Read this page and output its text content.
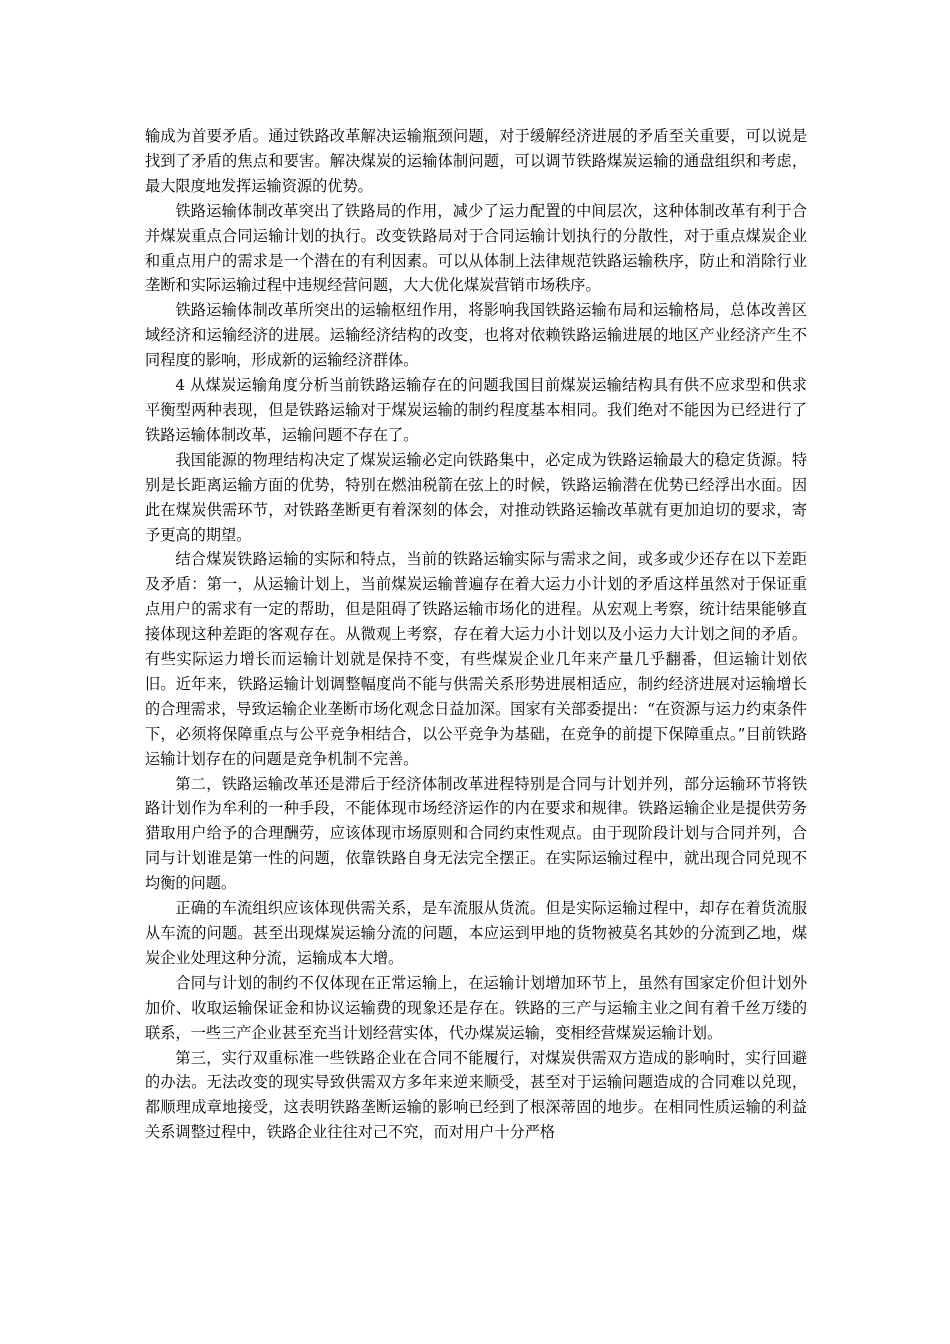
输成为首要矛盾。通过铁路改革解决运输瓶颈问题，对于缓解经济进展的矛盾至关重要，可以说是找到了矛盾的焦点和要害。解决煤炭的运输体制问题，可以调节铁路煤炭运输的通盘组织和考虑，最大限度地发挥运输资源的优势。

铁路运输体制改革突出了铁路局的作用，减少了运力配置的中间层次，这种体制改革有利于合并煤炭重点合同运输计划的执行。改变铁路局对于合同运输计划执行的分散性，对于重点煤炭企业和重点用户的需求是一个潜在的有利因素。可以从体制上法律规范铁路运输秩序，防止和消除行业垄断和实际运输过程中违规经营问题，大大优化煤炭营销市场秩序。

铁路运输体制改革所突出的运输枢纽作用，将影响我国铁路运输布局和运输格局，总体改善区域经济和运输经济的进展。运输经济结构的改变，也将对依赖铁路运输进展的地区产业经济产生不同程度的影响，形成新的运输经济群体。

4 从煤炭运输角度分析当前铁路运输存在的问题我国目前煤炭运输结构具有供不应求型和供求平衡型两种表现，但是铁路运输对于煤炭运输的制约程度基本相同。我们绝对不能因为已经进行了铁路运输体制改革，运输问题不存在了。

我国能源的物理结构决定了煤炭运输必定向铁路集中，必定成为铁路运输最大的稳定货源。特别是长距离运输方面的优势，特别在燃油税箭在弦上的时候，铁路运输潜在优势已经浮出水面。因此在煤炭供需环节，对铁路垄断更有着深刻的体会，对推动铁路运输改革就有更加迫切的要求，寄予更高的期望。

结合煤炭铁路运输的实际和特点，当前的铁路运输实际与需求之间，或多或少还存在以下差距及矛盾：第一，从运输计划上，当前煤炭运输普遍存在着大运力小计划的矛盾这样虽然对于保证重点用户的需求有一定的帮助，但是阻碍了铁路运输市场化的进程。从宏观上考察，统计结果能够直接体现这种差距的客观存在。从微观上考察，存在着大运力小计划以及小运力大计划之间的矛盾。有些实际运力增长而运输计划就是保持不变，有些煤炭企业几年来产量几乎翻番，但运输计划依旧。近年来，铁路运输计划调整幅度尚不能与供需关系形势进展相适应，制约经济进展对运输增长的合理需求，导致运输企业垄断市场化观念日益加深。国家有关部委提出：“在资源与运力约束条件下，必须将保障重点与公平竞争相结合，以公平竞争为基础，在竞争的前提下保障重点。”目前铁路运输计划存在的问题是竞争机制不完善。

第二，铁路运输改革还是滞后于经济体制改革进程特别是合同与计划并列，部分运输环节将铁路计划作为牟利的一种手段，不能体现市场经济运作的内在要求和规律。铁路运输企业是提供劳务猎取用户给予的合理酬劳，应该体现市场原则和合同约束性观点。由于现阶段计划与合同并列，合同与计划谁是第一性的问题，依靠铁路自身无法完全摆正。在实际运输过程中，就出现合同兑现不均衡的问题。

正确的车流组织应该体现供需关系，是车流服从货流。但是实际运输过程中，却存在着货流服从车流的问题。甚至出现煤炭运输分流的问题，本应运到甲地的货物被莫名其妙的分流到乙地，煤炭企业处理这种分流，运输成本大增。

合同与计划的制约不仅体现在正常运输上，在运输计划增加环节上，虽然有国家定价但计划外加价、收取运输保证金和协议运输费的现象还是存在。铁路的三产与运输主业之间有着千丝万缕的联系，一些三产企业甚至充当计划经营实体，代办煤炭运输，变相经营煤炭运输计划。

第三，实行双重标准一些铁路企业在合同不能履行，对煤炭供需双方造成的影响时，实行回避的办法。无法改变的现实导致供需双方多年来逆来顺受，甚至对于运输问题造成的合同难以兑现，都顺理成章地接受，这表明铁路垄断运输的影响已经到了根深蒂固的地步。在相同性质运输的利益关系调整过程中，铁路企业往往对己不究，而对用户十分严格
